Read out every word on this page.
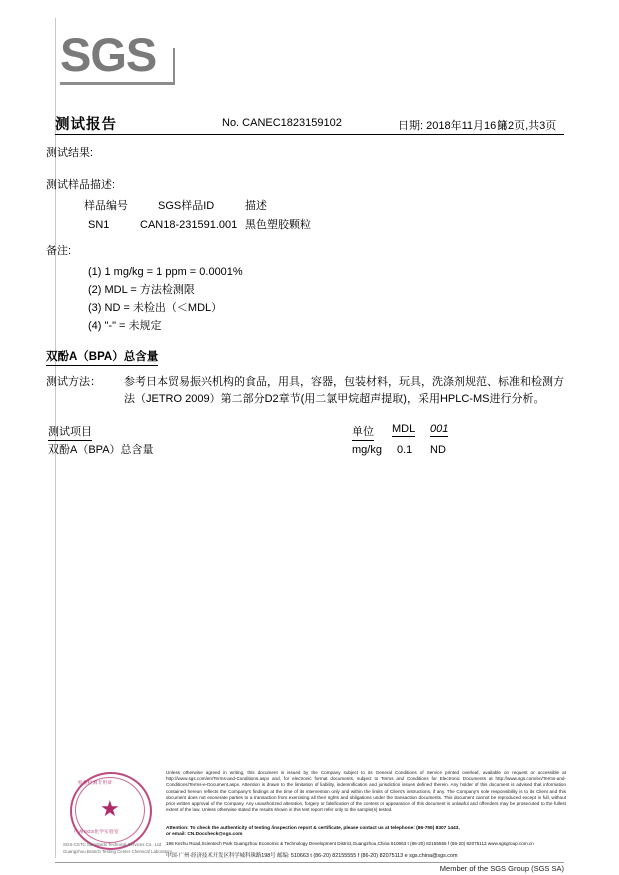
SGS
测试报告	No. CANEC1823159102	日期: 2018年11月16日
第2页,共3页
测试结果:
测试样品描述:
样品编号	SGS样品ID	描述
SN1	CAN18-231591.001 黑色塑胶颗粒
备注:
(1) 1 mg/kg = 1 ppm = 0.0001%
(2) MDL = 方法检测限
(3) ND = 未检出（＜MDL）
(4) "-" = 未规定
双酚A（BPA）总含量
测试方法： 参考日本贸易振兴机构的食品，用具，容器，包装材料，玩具，洗涤剂规范、标准和检测方
法（JETRO 2009）第二部分D2章节(用二氯甲烷超声提取)，采用HPLC-MS进行分析。
测试项目	单位 MDL 001
双酚A（BPA）总含量	mg/kg 0.1 ND
检验检测专用章
广州SGS化学实验室
SGS-CSTC Standards Technical Services Co., Ltd.
Guangzhou Branch Testing Center Chemical Laboratory
Unless otherwise agreed in writing, this document is issued by the Company subject to its General Conditions of Service printed overleaf, available on request or accessible at http://www.sgs.com/en/Terms-and-Conditions.aspx and, for electronic format documents, subject to Terms and Conditions for Electronic Documents at http://www.sgs.com/en/Terms-and-Conditions/Terms-e-Document.aspx. Attention is drawn to the limitation of liability, indemnification and jurisdiction issues defined therein. Any holder of this document is advised that information contained hereon reflects the Company's findings at the time of its intervention only and within the limits of Client's instructions, if any. The Company's sole responsibility is to its Client and this document does not exonerate parties to a transaction from exercising all their rights and obligations under the transaction documents. This document cannot be reproduced except in full, without prior written approval of the Company. Any unauthorized alteration, forgery or falsification of the content or appearance of this document is unlawful and offenders may be prosecuted to the fullest extent of the law. Unless otherwise stated the results shown in this test report refer only to the sample(s) tested.
Attention: To check the authenticity of testing /inspection report & certificate, please contact us at telephone: (86-755) 8307 1443,
or email: CN.Doccheck@sgs.com
198 Kezhu Road,Scientech Park Guangzhou Economic & Technology Development District,Guangzhou,China 510663 t (86-20) 82155555 f (86-20) 82075113 www.sgsgroup.com.cn
中国·广州·经济技术开发区科学城科珠路198号 邮编: 510663 t (86-20) 82155555 f (86-20) 82075113 e sgs.china@sgs.com
Member of the SGS Group (SGS SA)
